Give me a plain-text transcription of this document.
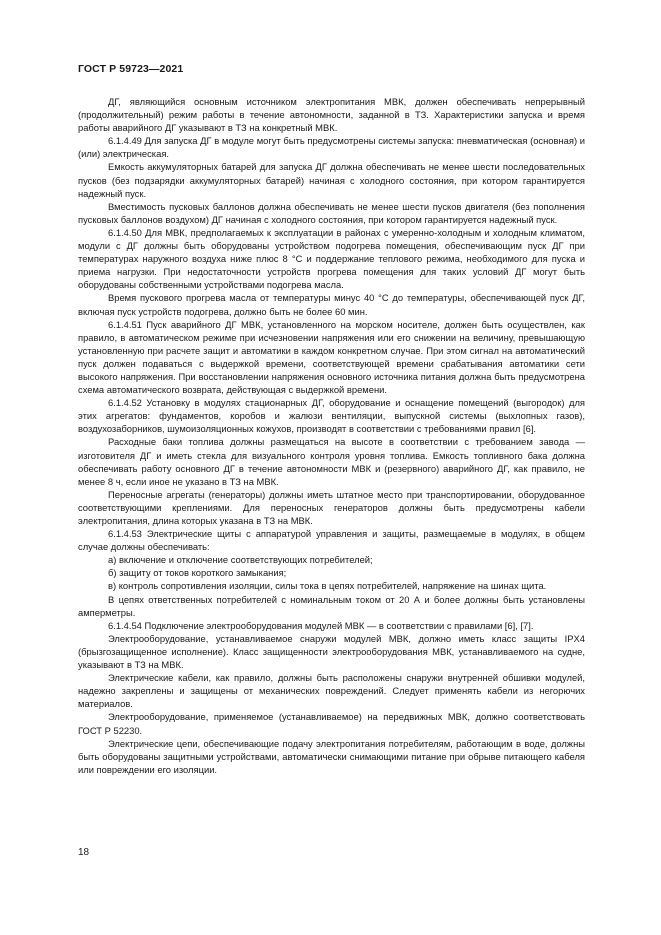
ГОСТ Р 59723—2021

ДГ, являющийся основным источником электропитания МВК, должен обеспечивать непрерывный (продолжительный) режим работы в течение автономности, заданной в ТЗ. Характеристики запуска и время работы аварийного ДГ указывают в ТЗ на конкретный МВК.

6.1.4.49 Для запуска ДГ в модуле могут быть предусмотрены системы запуска: пневматическая (основная) и (или) электрическая.

Емкость аккумуляторных батарей для запуска ДГ должна обеспечивать не менее шести последовательных пусков (без подзарядки аккумуляторных батарей) начиная с холодного состояния, при котором гарантируется надежный пуск.

Вместимость пусковых баллонов должна обеспечивать не менее шести пусков двигателя (без пополнения пусковых баллонов воздухом) ДГ начиная с холодного состояния, при котором гарантируется надежный пуск.

6.1.4.50 Для МВК, предполагаемых к эксплуатации в районах с умеренно-холодным и холодным климатом, модули с ДГ должны быть оборудованы устройством подогрева помещения, обеспечивающим пуск ДГ при температурах наружного воздуха ниже плюс 8 °С и поддержание теплового режима, необходимого для пуска и приема нагрузки. При недостаточности устройств прогрева помещения для таких условий ДГ могут быть оборудованы собственными устройствами подогрева масла.

Время пускового прогрева масла от температуры минус 40 °С до температуры, обеспечивающей пуск ДГ, включая пуск устройств подогрева, должно быть не более 60 мин.

6.1.4.51 Пуск аварийного ДГ МВК, установленного на морском носителе, должен быть осуществлен, как правило, в автоматическом режиме при исчезновении напряжения или его снижении на величину, превышающую установленную при расчете защит и автоматики в каждом конкретном случае. При этом сигнал на автоматический пуск должен подаваться с выдержкой времени, соответствующей времени срабатывания автоматики сети высокого напряжения. При восстановлении напряжения основного источника питания должна быть предусмотрена схема автоматического возврата, действующая с выдержкой времени.

6.1.4.52 Установку в модулях стационарных ДГ, оборудование и оснащение помещений (выгородок) для этих агрегатов: фундаментов, коробов и жалюзи вентиляции, выпускной системы (выхлопных газов), воздухозаборников, шумоизоляционных кожухов, производят в соответствии с требованиями правил [6].

Расходные баки топлива должны размещаться на высоте в соответствии с требованием завода — изготовителя ДГ и иметь стекла для визуального контроля уровня топлива. Емкость топливного бака должна обеспечивать работу основного ДГ в течение автономности МВК и (резервного) аварийного ДГ, как правило, не менее 8 ч, если иное не указано в ТЗ на МВК.

Переносные агрегаты (генераторы) должны иметь штатное место при транспортировании, оборудованное соответствующими креплениями. Для переносных генераторов должны быть предусмотрены кабели электропитания, длина которых указана в ТЗ на МВК.

6.1.4.53 Электрические щиты с аппаратурой управления и защиты, размещаемые в модулях, в общем случае должны обеспечивать:

а) включение и отключение соответствующих потребителей;

б) защиту от токов короткого замыкания;

в) контроль сопротивления изоляции, силы тока в цепях потребителей, напряжение на шинах щита.

В цепях ответственных потребителей с номинальным током от 20 А и более должны быть установлены амперметры.

6.1.4.54 Подключение электрооборудования модулей МВК — в соответствии с правилами [6], [7].

Электрооборудование, устанавливаемое снаружи модулей МВК, должно иметь класс защиты IPX4 (брызгозащищенное исполнение). Класс защищенности электрооборудования МВК, устанавливаемого на судне, указывают в ТЗ на МВК.

Электрические кабели, как правило, должны быть расположены снаружи внутренней обшивки модулей, надежно закреплены и защищены от механических повреждений. Следует применять кабели из негорючих материалов.

Электрооборудование, применяемое (устанавливаемое) на передвижных МВК, должно соответствовать ГОСТ Р 52230.

Электрические цепи, обеспечивающие подачу электропитания потребителям, работающим в воде, должны быть оборудованы защитными устройствами, автоматически снимающими питание при обрыве питающего кабеля или повреждении его изоляции.

18
